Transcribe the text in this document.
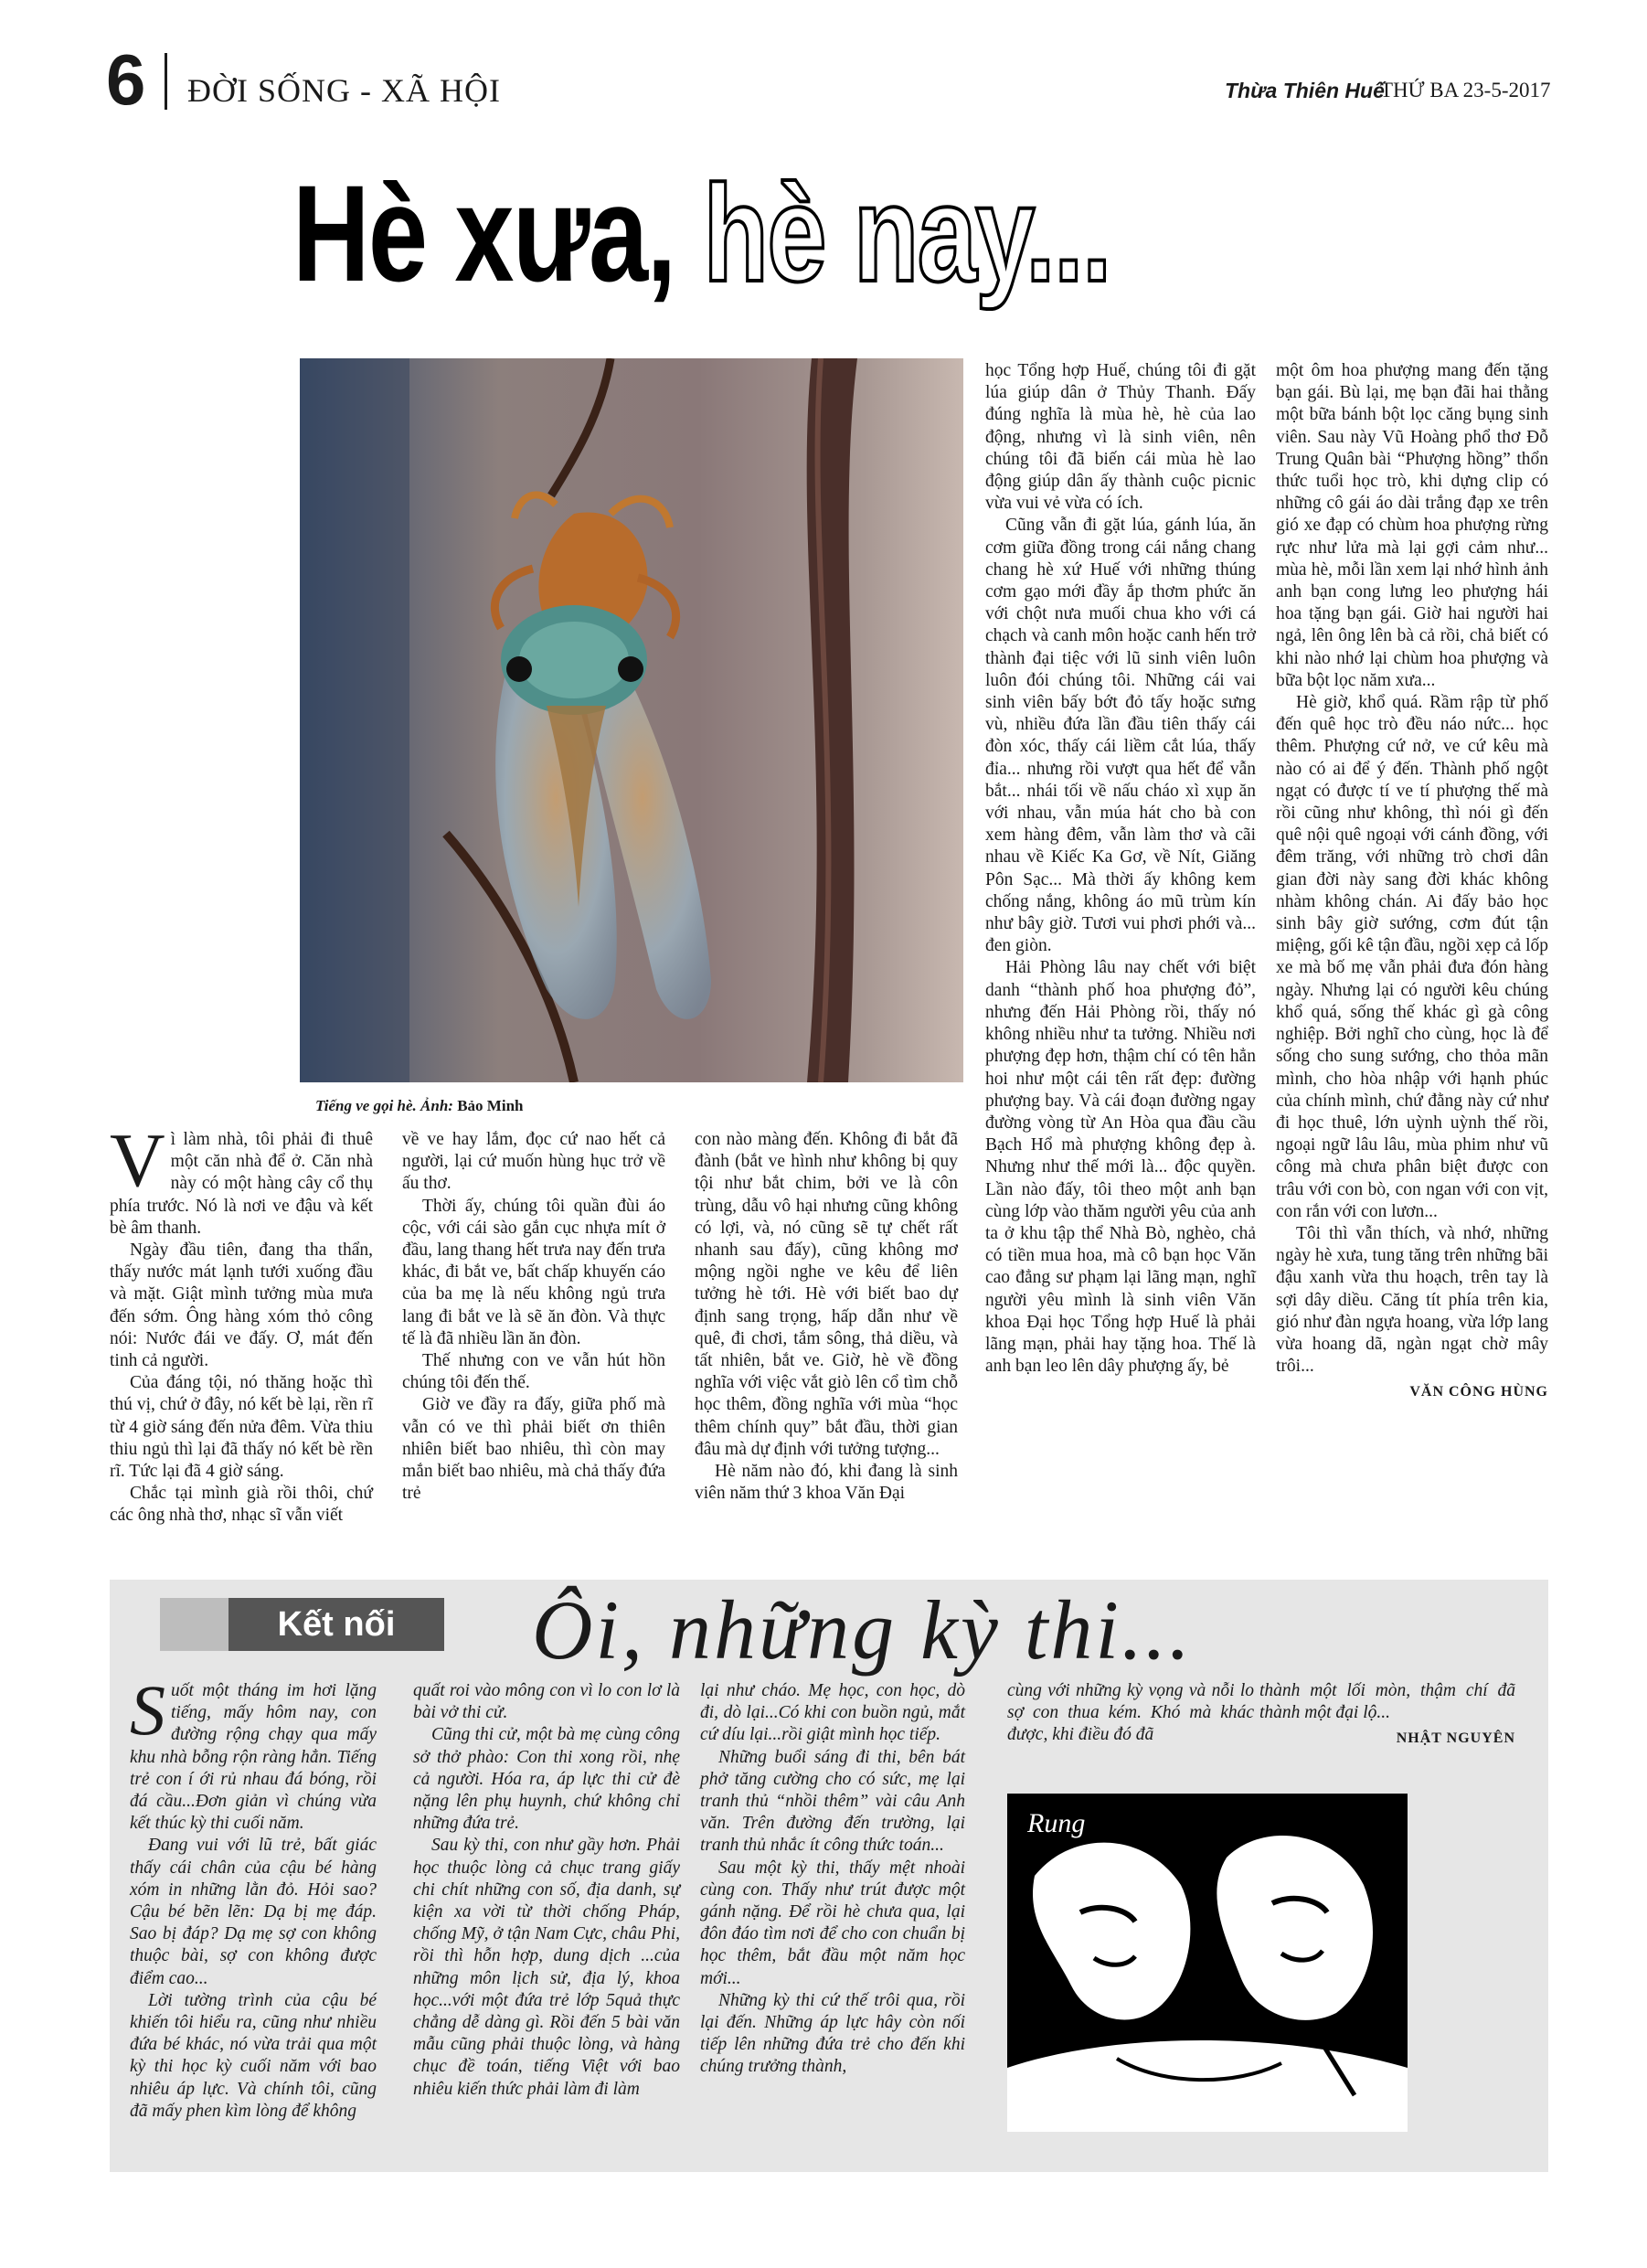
6 ĐỜI SỐNG - XÃ HỘI	Thừa Thiên Huế
THỨ BA 23-5-2017
Hè xưa, hè nay...
Tiếng ve gọi hè. Ảnh: Bảo Minh

Vì làm nhà, tôi phải đi thuê một căn nhà để ở. Căn nhà này có một hàng cây cổ thụ phía trước. Nó là nơi ve đậu và kết bè âm thanh.

Ngày đầu tiên, đang tha thẩn, thấy nước mát lạnh tưới xuống đầu và mặt. Giật mình tưởng mùa mưa đến sớm. Ông hàng xóm thỏ công nói: Nước đái ve đấy. Ơ, mát đến tinh cả người.

Của đáng tội, nó thăng hoặc thì thú vị, chứ ở đây, nó kết bè lại, rền rĩ từ 4 giờ sáng đến nửa đêm. Vừa thiu thiu ngủ thì lại đã thấy nó kết bè rền rĩ. Tức lại đã 4 giờ sáng.

Chắc tại mình già rồi thôi, chứ các ông nhà thơ, nhạc sĩ vẫn viết

về ve hay lắm, đọc cứ nao hết cả người, lại cứ muốn hùng hục trở về ấu thơ.

Thời ấy, chúng tôi quần đùi áo cộc, với cái sào gắn cục nhựa mít ở đầu, lang thang hết trưa nay đến trưa khác, đi bắt ve, bất chấp khuyến cáo của ba mẹ là nếu không ngủ trưa lang đi bắt ve là sẽ ăn đòn. Và thực tế là đã nhiều lần ăn đòn.

Thế nhưng con ve vẫn hút hồn chúng tôi đến thế.

Giờ ve đầy ra đấy, giữa phố mà vẫn có ve thì phải biết ơn thiên nhiên biết bao nhiêu, thì còn may mắn biết bao nhiêu, mà chả thấy đứa trẻ

con nào màng đến. Không đi bắt đã đành (bắt ve hình như không bị quy tội như bắt chim, bởi ve là côn trùng, dẫu vô hại nhưng cũng không có lợi, và, nó cũng sẽ tự chết rất nhanh sau đấy), cũng không mơ mộng ngồi nghe ve kêu để liên tưởng hè tới. Hè với biết bao dự định sang trọng, hấp dẫn như về quê, đi chơi, tắm sông, thả diều, và tất nhiên, bắt ve. Giờ, hè về đồng nghĩa với việc vắt giò lên cổ tìm chỗ học thêm, đồng nghĩa với mùa “học thêm chính quy” bắt đầu, thời gian đâu mà dự định với tưởng tượng...

Hè năm nào đó, khi đang là sinh viên năm thứ 3 khoa Văn Đại

học Tổng hợp Huế, chúng tôi đi gặt lúa giúp dân ở Thủy Thanh. Đấy đúng nghĩa là mùa hè, hè của lao động, nhưng vì là sinh viên, nên chúng tôi đã biến cái mùa hè lao động giúp dân ấy thành cuộc picnic vừa vui vẻ vừa có ích.

Cũng vẫn đi gặt lúa, gánh lúa, ăn cơm giữa đồng trong cái nắng chang chang hè xứ Huế với những thúng cơm gạo mới đầy ắp thơm phức ăn với chột nưa muối chua kho với cá chạch và canh môn hoặc canh hến trở thành đại tiệc với lũ sinh viên luôn luôn đói chúng tôi. Những cái vai sinh viên bấy bớt đỏ tấy hoặc sưng vù, nhiều đứa lần đầu tiên thấy cái đòn xóc, thấy cái liềm cắt lúa, thấy đỉa... nhưng rồi vượt qua hết để vẫn bắt... nhái tối về nấu cháo xì xụp ăn với nhau, vẫn múa hát cho bà con xem hàng đêm, vẫn làm thơ và cãi nhau về Kiếc Ka Gơ, về Nít, Giăng Pôn Sạc... Mà thời ấy không kem chống nắng, không áo mũ trùm kín như bây giờ. Tươi vui phơi phới và... đen giòn.

Hải Phòng lâu nay chết với biệt danh “thành phố hoa phượng đỏ”, nhưng đến Hải Phòng rồi, thấy nó không nhiều như ta tưởng. Nhiều nơi phượng đẹp hơn, thậm chí có tên hẳn hoi như một cái tên rất đẹp: đường phượng bay. Và cái đoạn đường ngay đường vòng từ An Hòa qua đầu cầu Bạch Hổ mà phượng không đẹp à. Nhưng như thế mới là... độc quyền. Lần nào đấy, tôi theo một anh bạn cùng lớp vào thăm người yêu của anh ta ở khu tập thể Nhà Bò, nghèo, chả có tiền mua hoa, mà cô bạn học Văn cao đẳng sư phạm lại lãng mạn, nghĩ người yêu mình là sinh viên Văn khoa Đại học Tổng hợp Huế là phải lãng mạn, phải hay tặng hoa. Thế là anh bạn leo lên dây phượng ấy, bẻ

một ôm hoa phượng mang đến tặng bạn gái. Bù lại, mẹ bạn đãi hai thằng một bữa bánh bột lọc căng bụng sinh viên. Sau này Vũ Hoàng phổ thơ Đỗ Trung Quân bài “Phượng hồng” thổn thức tuổi học trò, khi dựng clip có những cô gái áo dài trắng đạp xe trên gió xe đạp có chùm hoa phượng rừng rực như lửa mà lại gợi cảm như... mùa hè, mỗi lần xem lại nhớ hình ảnh anh bạn cong lưng leo phượng hái hoa tặng bạn gái. Giờ hai người hai ngả, lên ông lên bà cả rồi, chả biết có khi nào nhớ lại chùm hoa phượng và bữa bột lọc năm xưa...

Hè giờ, khổ quá. Rầm rập từ phố đến quê học trò đều náo nức... học thêm. Phượng cứ nở, ve cứ kêu mà nào có ai để ý đến. Thành phố ngột ngạt có được tí ve tí phượng thế mà rồi cũng như không, thì nói gì đến quê nội quê ngoại với cánh đồng, với đêm trăng, với những trò chơi dân gian đời này sang đời khác không nhàm không chán. Ai đấy bảo học sinh bây giờ sướng, cơm đút tận miệng, gối kê tận đầu, ngồi xẹp cả lốp xe mà bố mẹ vẫn phải đưa đón hàng ngày. Nhưng lại có người kêu chúng khổ quá, sống thế khác gì gà công nghiệp. Bởi nghĩ cho cùng, học là để sống cho sung sướng, cho thỏa mãn mình, cho hòa nhập với hạnh phúc của chính mình, chứ đằng này cứ như đi học thuê, lớn uỳnh uỳnh thế rồi, ngoại ngữ lâu lâu, mùa phim như vũ công mà chưa phân biệt được con trâu với con bò, con ngan với con vịt, con rắn với con lươn...

Tôi thì vẫn thích, và nhớ, những ngày hè xưa, tung tăng trên những bãi đậu xanh vừa thu hoạch, trên tay là sợi dây diều. Căng tít phía trên kia, gió như đàn ngựa hoang, vừa lớp lang vừa hoang dã, ngàn ngạt chờ mây trôi...

VĂN CÔNG HÙNG

Kết nối	Ôi, những kỳ thi...

Suốt một tháng im hơi lặng tiếng, mấy hôm nay, con đường rộng chạy qua mấy khu nhà bỗng rộn ràng hẳn. Tiếng trẻ con í ới rủ nhau đá bóng, rồi đá cầu...Đơn giản vì chúng vừa kết thúc kỳ thi cuối năm.

Đang vui với lũ trẻ, bất giác thấy cái chân của cậu bé hàng xóm in những lằn đỏ. Hỏi sao? Cậu bé bẽn lẽn: Dạ bị mẹ đáp. Sao bị đáp? Dạ mẹ sợ con không thuộc bài, sợ con không được điểm cao...

Lời tường trình của cậu bé khiến tôi hiểu ra, cũng như nhiều đứa bé khác, nó vừa trải qua một kỳ thi học kỳ cuối năm với bao nhiêu áp lực. Và chính tôi, cũng đã mấy phen kìm lòng để không

quất roi vào mông con vì lo con lơ là bài vở thi cử.

Cũng thi cử, một bà mẹ cùng công sở thở phào: Con thi xong rồi, nhẹ cả người. Hóa ra, áp lực thi cử đè nặng lên phụ huynh, chứ không chỉ những đứa trẻ.

Sau kỳ thi, con như gầy hơn. Phải học thuộc lòng cả chục trang giấy chi chít những con số, địa danh, sự kiện xa vời từ thời chống Pháp, chống Mỹ, ở tận Nam Cực, châu Phi, rồi thì hỗn hợp, dung dịch ...của những môn lịch sử, địa lý, khoa học...với một đứa trẻ lớp 5quả thực chẳng dễ dàng gì. Rồi đến 5 bài văn mẫu cũng phải thuộc lòng, và hàng chục đề toán, tiếng Việt với bao nhiêu kiến thức phải làm đi làm

lại như cháo. Mẹ học, con học, dò đi, dò lại...Có khi con buồn ngủ, mắt cứ díu lại...rồi giật mình học tiếp.

Những buổi sáng đi thi, bên bát phở tăng cường cho có sức, mẹ lại tranh thủ “nhồi thêm” vài câu Anh văn. Trên đường đến trường, lại tranh thủ nhắc ít công thức toán...

Sau một kỳ thi, thấy mệt nhoài cùng con. Thấy như trút được một gánh nặng. Để rồi hè chưa qua, lại đôn đáo tìm nơi để cho con chuẩn bị học thêm, bắt đầu một năm học mới...

Những kỳ thi cứ thế trôi qua, rồi lại đến. Những áp lực hây còn nối tiếp lên những đứa trẻ cho đến khi chúng trưởng thành,

cùng với những kỳ vọng và nỗi lo sợ con thua kém. Khó mà khác được, khi điều đó đã

thành một lối mòn, thậm chí đã thành một đại lộ...

NHẬT NGUYÊN

Rung
